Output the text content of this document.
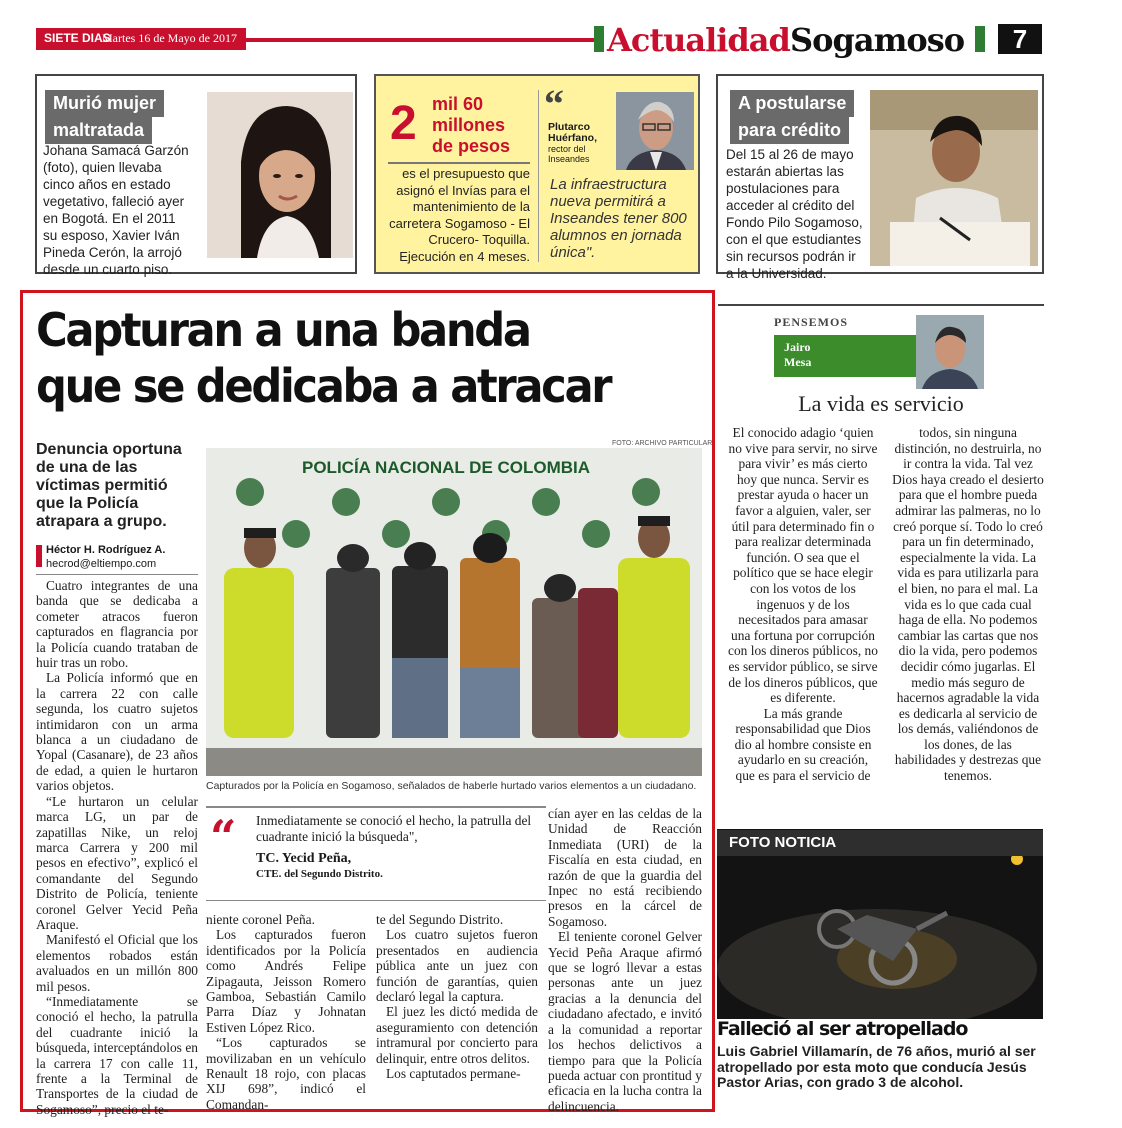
SIETE DIAS
Martes 16 de Mayo de 2017	Actualidad Sogamoso	7
Murió mujer
maltratada
Johana Samacá Garzón (foto), quien llevaba cinco años en estado vegetativo, falleció ayer en Bogotá. En el 2011 su esposo, Xavier Iván Pineda Cerón, la arrojó desde un cuarto piso.
2 mil 60
millones
de pesos
es el presupuesto que asignó el Invías para el mantenimiento de la carretera Sogamoso - El Crucero- Toquilla. Ejecución en 4 meses.
“
Plutarco
Huérfano,
rector del
Inseandes
La infraestructura nueva permitirá a Inseandes tener 800 alumnos en jornada única".
A postularse
para crédito
Del 15 al 26 de mayo estarán abiertas las postulaciones para acceder al crédito del Fondo Pilo Sogamoso, con el que estudiantes sin recursos podrán ir a la Universidad.
Capturan a una banda
que se dedicaba a atracar
Denuncia oportuna de una de las víctimas permitió que la Policía atrapara a grupo.
Héctor H. Rodríguez A.
hecrod@eltiempo.com

Cuatro integrantes de una banda que se dedicaba a cometer atracos fueron capturados en flagrancia por la Policía cuando trataban de huir tras un robo.

La Policía informó que en la carrera 22 con calle segunda, los cuatro sujetos intimidaron con un arma blanca a un ciudadano de Yopal (Casanare), de 23 años de edad, a quien le hurtaron varios objetos.

“Le hurtaron un celular marca LG, un par de zapatillas Nike, un reloj marca Carrera y 200 mil pesos en efectivo”, explicó el comandante del Segundo Distrito de Policía, teniente coronel Gelver Yecid Peña Araque.

Manifestó el Oficial que los elementos robados están avaluados en un millón 800 mil pesos.

“Inmediatamente se conoció el hecho, la patrulla del cuadrante inició la búsqueda, interceptándolos en la carrera 17 con calle 11, frente a la Terminal de Transportes de la ciudad de Sogamoso”, precio el te-

FOTO: ARCHIVO PARTICULAR
POLICÍA NACIONAL DE COLOMBIA
Capturados por la Policía en Sogamoso, señalados de haberle hurtado varios elementos a un ciudadano.
“ Inmediatamente se conoció el hecho, la patrulla del cuadrante inició la búsqueda",
TC. Yecid Peña,
CTE. del Segundo Distrito.

niente coronel Peña.

Los capturados fueron identificados por la Policía como Andrés Felipe Zipagauta, Jeisson Romero Gamboa, Sebastián Camilo Parra Díaz y Johnatan Estiven López Rico.

“Los capturados se movilizaban en un vehículo Renault 18 rojo, con placas XIJ 698”, indicó el Comandan-

te del Segundo Distrito.

Los cuatro sujetos fueron presentados en audiencia pública ante un juez con función de garantías, quien declaró legal la captura.

El juez les dictó medida de aseguramiento con detención intramural por concierto para delinquir, entre otros delitos.

Los captutados permane-

cían ayer en las celdas de la Unidad de Reacción Inmediata (URI) de la Fiscalía en esta ciudad, en razón de que la guardia del Inpec no está recibiendo presos en la cárcel de Sogamoso.

El teniente coronel Gelver Yecid Peña Araque afirmó que se logró llevar a estas personas ante un juez gracias a la denuncia del ciudadano afectado, e invitó a la comunidad a reportar los hechos delictivos a tiempo para que la Policía pueda actuar con prontitud y eficacia en la lucha contra la delincuencia.

PENSEMOS
Jairo
Mesa
La vida es servicio

El conocido adagio ‘quien no vive para servir, no sirve para vivir’ es más cierto hoy que nunca. Servir es prestar ayuda o hacer un favor a alguien, valer, ser útil para determinado fin o para realizar determinada función. O sea que el político que se hace elegir con los votos de los ingenuos y de los necesitados para amasar una fortuna por corrupción con los dineros públicos, no es servidor público, se sirve de los dineros públicos, que es diferente.

La más grande responsabilidad que Dios dio al hombre consiste en ayudarlo en su creación, que es para el servicio de

todos, sin ninguna distinción, no destruirla, no ir contra la vida. Tal vez Dios haya creado el desierto para que el hombre pueda admirar las palmeras, no lo creó porque sí. Todo lo creó para un fin determinado, especialmente la vida. La vida es para utilizarla para el bien, no para el mal. La vida es lo que cada cual haga de ella. No podemos cambiar las cartas que nos dio la vida, pero podemos decidir cómo jugarlas. El medio más seguro de hacernos agradable la vida es dedicarla al servicio de los demás, valiéndonos de los dones, de las habilidades y destrezas que tenemos.

FOTO NOTICIA
Falleció al ser atropellado
Luis Gabriel Villamarín, de 76 años, murió al ser atropellado por esta moto que conducía Jesús Pastor Arias, con grado 3 de alcohol.
